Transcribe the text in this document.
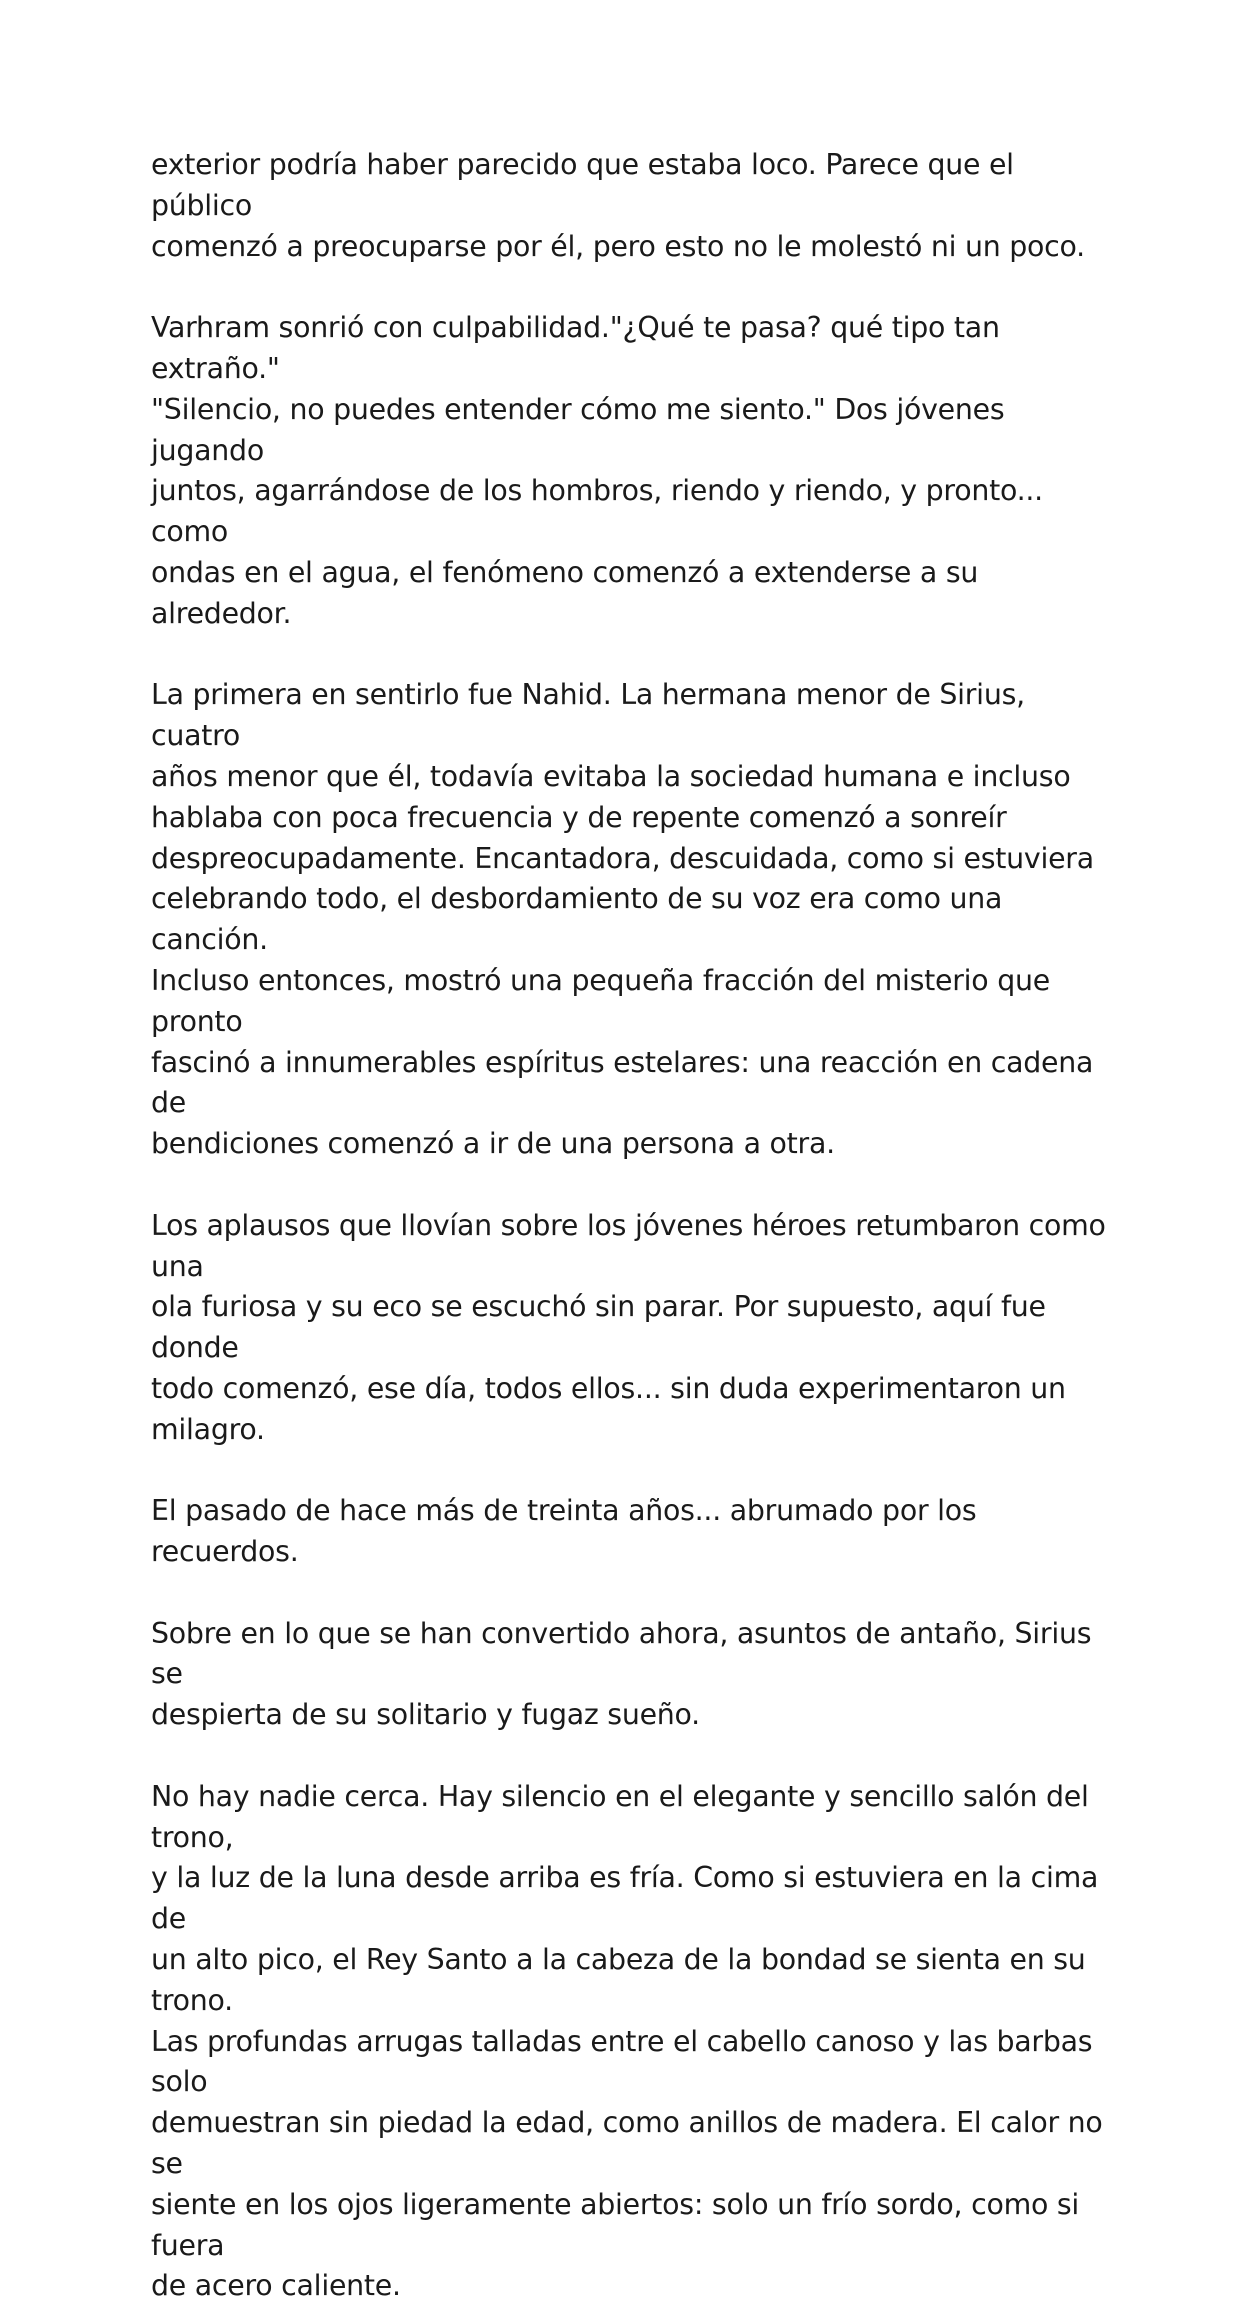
exterior podría haber parecido que estaba loco. Parece que el público
comenzó a preocuparse por él, pero esto no le molestó ni un poco.

Varhram sonrió con culpabilidad."¿Qué te pasa? qué tipo tan extraño."
"Silencio, no puedes entender cómo me siento." Dos jóvenes jugando
juntos, agarrándose de los hombros, riendo y riendo, y pronto... como
ondas en el agua, el fenómeno comenzó a extenderse a su alrededor.

La primera en sentirlo fue Nahid. La hermana menor de Sirius, cuatro
años menor que él, todavía evitaba la sociedad humana e incluso
hablaba con poca frecuencia y de repente comenzó a sonreír
despreocupadamente. Encantadora, descuidada, como si estuviera
celebrando todo, el desbordamiento de su voz era como una canción.
Incluso entonces, mostró una pequeña fracción del misterio que pronto
fascinó a innumerables espíritus estelares: una reacción en cadena de
bendiciones comenzó a ir de una persona a otra.

Los aplausos que llovían sobre los jóvenes héroes retumbaron como una
ola furiosa y su eco se escuchó sin parar. Por supuesto, aquí fue donde
todo comenzó, ese día, todos ellos... sin duda experimentaron un
milagro.

El pasado de hace más de treinta años... abrumado por los recuerdos.

Sobre en lo que se han convertido ahora, asuntos de antaño, Sirius se
despierta de su solitario y fugaz sueño.

No hay nadie cerca. Hay silencio en el elegante y sencillo salón del trono,
y la luz de la luna desde arriba es fría. Como si estuviera en la cima de
un alto pico, el Rey Santo a la cabeza de la bondad se sienta en su trono.
Las profundas arrugas talladas entre el cabello canoso y las barbas solo
demuestran sin piedad la edad, como anillos de madera. El calor no se
siente en los ojos ligeramente abiertos: solo un frío sordo, como si fuera
de acero caliente.
